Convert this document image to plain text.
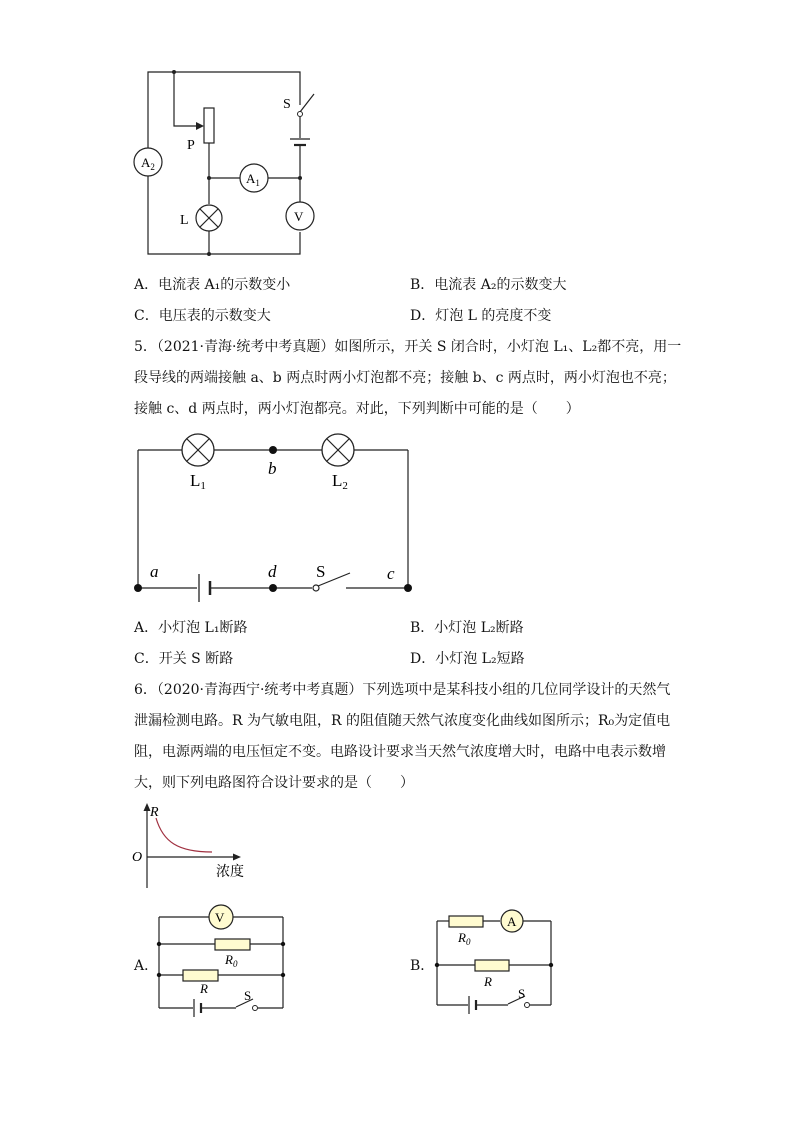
$A_2$
S
P
$A_1$
L	V
A．电流表 A₁的示数变小	B．电流表 A₂的示数变大
C．电压表的示数变大	D．灯泡 L 的亮度不变
5．（2021·青海·统考中考真题）如图所示，开关 S 闭合时，小灯泡 L₁、L₂都不亮，用一
段导线的两端接触 a、b 两点时两小灯泡都不亮；接触 b、c 两点时，两小灯泡也不亮；
接触 c、d 两点时，两小灯泡都亮。对此，下列判断中可能的是（　　）
L1	L2
b
S
a	d	c
A．小灯泡 L₁断路	B．小灯泡 L₂断路
C．开关 S 断路	D．小灯泡 L₂短路
6．（2020·青海西宁·统考中考真题）下列选项中是某科技小组的几位同学设计的天然气
泄漏检测电路。R 为气敏电阻，R 的阻值随天然气浓度变化曲线如图所示；R₀为定值电
阻，电源两端的电压恒定不变。电路设计要求当天然气浓度增大时，电路中电表示数增
大，则下列电路图符合设计要求的是（　　）
R
O
浓度
A．
V
$R_0$
R	S
B．
A
$R_0$
R
S
